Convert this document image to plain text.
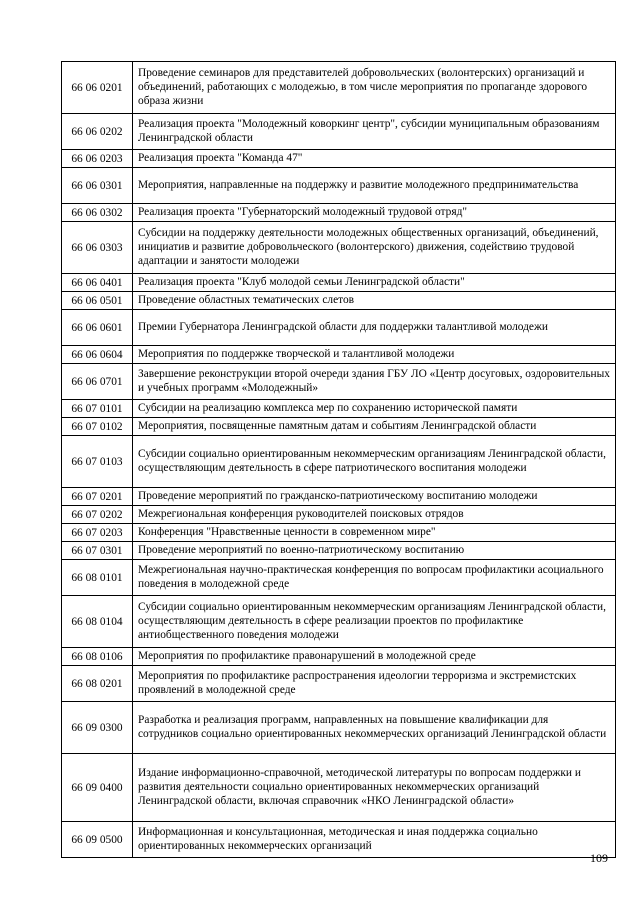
66 06 0201	Проведение семинаров для представителей добровольческих (волонтерских) организаций и объединений, работающих с молодежью, в том числе мероприятия по пропаганде здорового образа жизни
66 06 0202	Реализация проекта "Молодежный коворкинг центр", субсидии муниципальным образованиям Ленинградской области
66 06 0203	Реализация проекта "Команда 47"
66 06 0301	Мероприятия, направленные на поддержку и развитие молодежного предпринимательства
66 06 0302	Реализация проекта "Губернаторский молодежный трудовой отряд"
66 06 0303	Субсидии на поддержку деятельности молодежных общественных организаций, объединений, инициатив и развитие добровольческого (волонтерского) движения, содействию трудовой адаптации и занятости молодежи
66 06 0401	Реализация проекта "Клуб молодой семьи Ленинградской области"
66 06 0501	Проведение областных тематических слетов
66 06 0601	Премии Губернатора Ленинградской области для поддержки талантливой молодежи
66 06 0604	Мероприятия по поддержке творческой и талантливой молодежи
66 06 0701	Завершение реконструкции второй очереди здания ГБУ ЛО «Центр досуговых, оздоровительных и учебных программ «Молодежный»
66 07 0101	Субсидии на реализацию комплекса мер по сохранению исторической памяти
66 07 0102	Мероприятия, посвященные памятным датам и событиям Ленинградской области
66 07 0103	Субсидии социально ориентированным некоммерческим организациям Ленинградской области, осуществляющим деятельность в сфере патриотического воспитания молодежи
66 07 0201	Проведение мероприятий по гражданско-патриотическому воспитанию молодежи
66 07 0202	Межрегиональная конференция руководителей поисковых отрядов
66 07 0203	Конференция "Нравственные ценности в современном мире"
66 07 0301	Проведение мероприятий по военно-патриотическому воспитанию
66 08 0101	Межрегиональная научно-практическая конференция по вопросам профилактики асоциального поведения в молодежной среде
66 08 0104	Субсидии социально ориентированным некоммерческим организациям Ленинградской области, осуществляющим деятельность в сфере реализации проектов по профилактике антиобщественного поведения молодежи
66 08 0106	Мероприятия по профилактике правонарушений в молодежной среде
66 08 0201	Мероприятия по профилактике распространения идеологии терроризма и экстремистских проявлений в молодежной среде
66 09 0300	Разработка и реализация программ, направленных на повышение квалификации для сотрудников социально ориентированных некоммерческих организаций Ленинградской области
66 09 0400	Издание информационно-справочной, методической литературы по вопросам поддержки и развития деятельности социально ориентированных некоммерческих организаций Ленинградской области, включая справочник «НКО Ленинградской области»
66 09 0500	Информационная и консультационная, методическая и иная поддержка социально ориентированных некоммерческих организаций
109
